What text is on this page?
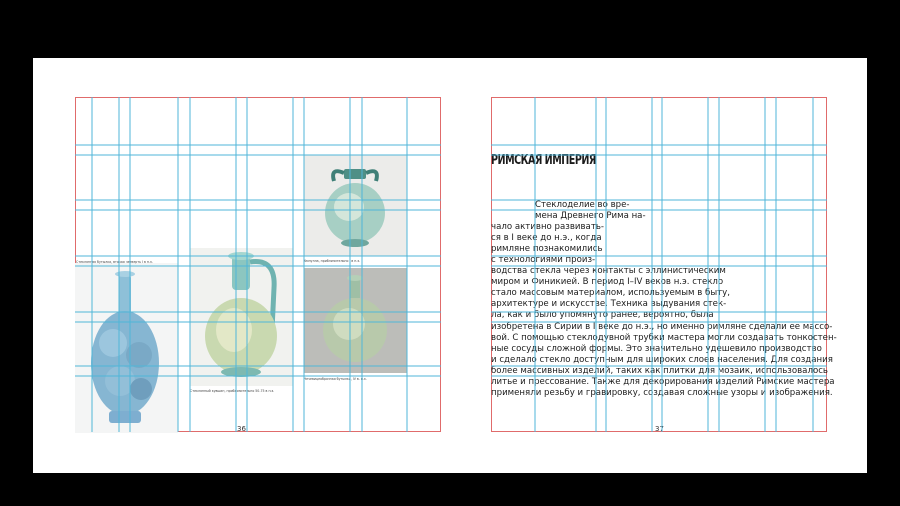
Стеклянная бутылка, вторая четверть I в н.э.
Стеклянный кувшин, приблизительно 50-75 в н.э.
Ампулла, приблизительно I в н.э.
Чечевицеобразная бутылка, IV в. н.э.
36
РИМСКАЯ ИМПЕРИЯ
Стеклоделие во вре-
мена Древнего Рима на-
чало активно развивать-
ся в I веке до н.э., когда
римляне познакомились
с технологиями произ-
водства стекла через контакты с эллинистическим
миром и Финикией. В период I–IV веков н.э. стекло
стало массовым материалом, используемым в быту,
архитектуре и искусстве. Техника выдувания стек-
ла, как и было упомянуто ранее, вероятно, была
изобретена в Сирии в I веке до н.э., но именно римляне сделали ее массо-
вой. С помощью стеклодувной трубки мастера могли создавать тонкостен-
ные сосуды сложной формы. Это значительно удешевило производство
и сделало стекло доступным для широких слоев населения. Для создания
более массивных изделий, таких как плитки для мозаик, использовалось
литье и прессование. Также для декорирования изделий Римские мастера
применяли резьбу и гравировку, создавая сложные узоры и изображения.
37
